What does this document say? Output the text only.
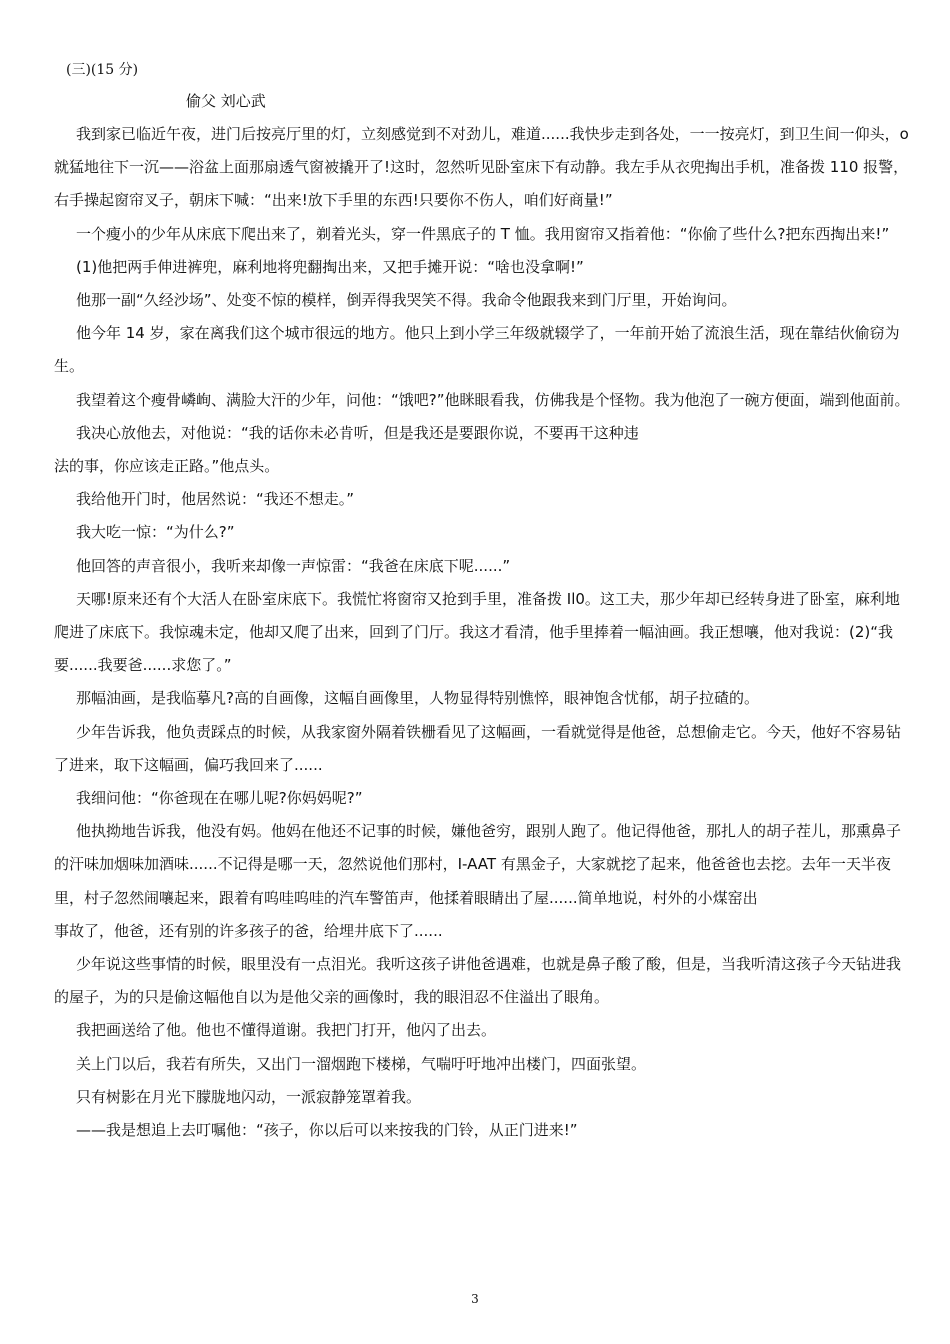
(三)(15 分)
偷父 刘心武

我到家已临近午夜，进门后按亮厅里的灯，立刻感觉到不对劲儿，难道......我快步走到各处，一一按亮灯，到卫生间一仰头，o 就猛地往下一沉——浴盆上面那扇透气窗被撬开了!这时，忽然听见卧室床下有动静。我左手从衣兜掏出手机，准备拨 110 报警，右手操起窗帘叉子，朝床下喊：“出来!放下手里的东西!只要你不伤人，咱们好商量!”

一个瘦小的少年从床底下爬出来了，剃着光头，穿一件黑底子的 T 恤。我用窗帘又指着他：“你偷了些什么?把东西掏出来!”

(1)他把两手伸进裤兜，麻利地将兜翻掏出来，又把手摊开说：“啥也没拿啊!”

他那一副“久经沙场”、处变不惊的模样，倒弄得我哭笑不得。我命令他跟我来到门厅里，开始询问。

他今年 14 岁，家在离我们这个城市很远的地方。他只上到小学三年级就辍学了，一年前开始了流浪生活，现在靠结伙偷窃为生。

我望着这个瘦骨嶙峋、满脸大汗的少年，问他：“饿吧?”他眯眼看我，仿佛我是个怪物。我为他泡了一碗方便面，端到他面前。

我决心放他去，对他说：“我的话你未必肯听，但是我还是要跟你说，不要再干这种违

法的事，你应该走正路。”他点头。

我给他开门时，他居然说：“我还不想走。”

我大吃一惊：“为什么?”

他回答的声音很小，我听来却像一声惊雷：“我爸在床底下呢......”

天哪!原来还有个大活人在卧室床底下。我慌忙将窗帘又抢到手里，准备拨 Il0。这工夫，那少年却已经转身进了卧室，麻利地爬进了床底下。我惊魂未定，他却又爬了出来，回到了门厅。我这才看清，他手里捧着一幅油画。我正想嚷，他对我说：(2)“我要......我要爸......求您了。”

那幅油画，是我临摹凡?高的自画像，这幅自画像里，人物显得特别憔悴，眼神饱含忧郁，胡子拉碴的。

少年告诉我，他负责踩点的时候，从我家窗外隔着铁栅看见了这幅画，一看就觉得是他爸，总想偷走它。今天，他好不容易钻了进来，取下这幅画，偏巧我回来了......

我细问他：“你爸现在在哪儿呢?你妈妈呢?”

他执拗地告诉我，他没有妈。他妈在他还不记事的时候，嫌他爸穷，跟别人跑了。他记得他爸，那扎人的胡子茬儿，那熏鼻子的汗味加烟味加酒味......不记得是哪一天，忽然说他们那村，I-AAT 有黑金子，大家就挖了起来，他爸爸也去挖。去年一天半夜里，村子忽然闹嚷起来，跟着有呜哇呜哇的汽车警笛声，他揉着眼睛出了屋......简单地说，村外的小煤窑出

事故了，他爸，还有别的许多孩子的爸，给埋井底下了......

少年说这些事情的时候，眼里没有一点泪光。我听这孩子讲他爸遇难，也就是鼻子酸了酸，但是，当我听清这孩子今天钻进我的屋子，为的只是偷这幅他自以为是他父亲的画像时，我的眼泪忍不住溢出了眼角。

我把画送给了他。他也不懂得道谢。我把门打开，他闪了出去。

关上门以后，我若有所失，又出门一溜烟跑下楼梯，气喘吁吁地冲出楼门，四面张望。

只有树影在月光下朦胧地闪动，一派寂静笼罩着我。

——我是想追上去叮嘱他：“孩子，你以后可以来按我的门铃，从正门进来!”

3
